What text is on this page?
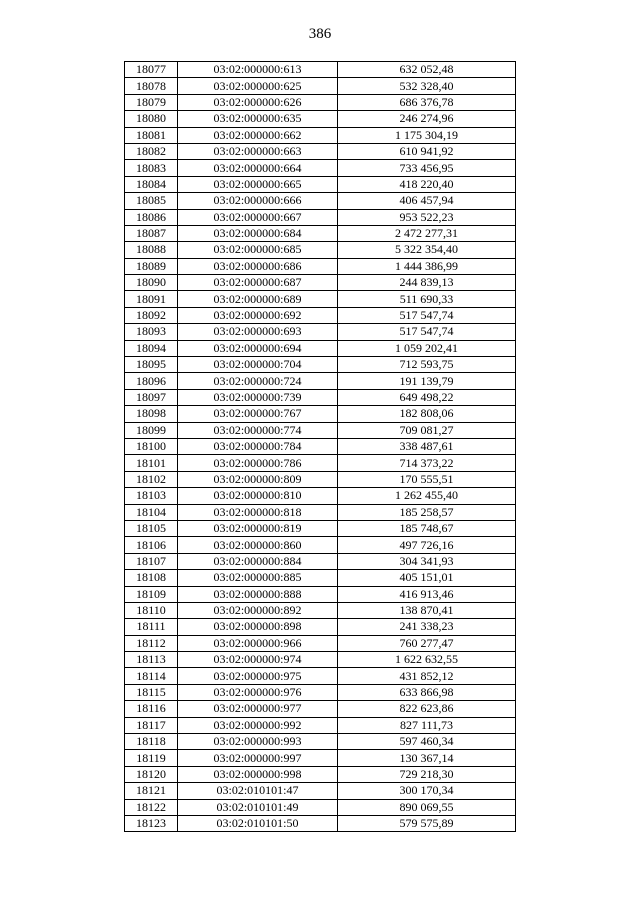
386
18077	03:02:000000:613	632 052,48
18078	03:02:000000:625	532 328,40
18079	03:02:000000:626	686 376,78
18080	03:02:000000:635	246 274,96
18081	03:02:000000:662	1 175 304,19
18082	03:02:000000:663	610 941,92
18083	03:02:000000:664	733 456,95
18084	03:02:000000:665	418 220,40
18085	03:02:000000:666	406 457,94
18086	03:02:000000:667	953 522,23
18087	03:02:000000:684	2 472 277,31
18088	03:02:000000:685	5 322 354,40
18089	03:02:000000:686	1 444 386,99
18090	03:02:000000:687	244 839,13
18091	03:02:000000:689	511 690,33
18092	03:02:000000:692	517 547,74
18093	03:02:000000:693	517 547,74
18094	03:02:000000:694	1 059 202,41
18095	03:02:000000:704	712 593,75
18096	03:02:000000:724	191 139,79
18097	03:02:000000:739	649 498,22
18098	03:02:000000:767	182 808,06
18099	03:02:000000:774	709 081,27
18100	03:02:000000:784	338 487,61
18101	03:02:000000:786	714 373,22
18102	03:02:000000:809	170 555,51
18103	03:02:000000:810	1 262 455,40
18104	03:02:000000:818	185 258,57
18105	03:02:000000:819	185 748,67
18106	03:02:000000:860	497 726,16
18107	03:02:000000:884	304 341,93
18108	03:02:000000:885	405 151,01
18109	03:02:000000:888	416 913,46
18110	03:02:000000:892	138 870,41
18111	03:02:000000:898	241 338,23
18112	03:02:000000:966	760 277,47
18113	03:02:000000:974	1 622 632,55
18114	03:02:000000:975	431 852,12
18115	03:02:000000:976	633 866,98
18116	03:02:000000:977	822 623,86
18117	03:02:000000:992	827 111,73
18118	03:02:000000:993	597 460,34
18119	03:02:000000:997	130 367,14
18120	03:02:000000:998	729 218,30
18121	03:02:010101:47	300 170,34
18122	03:02:010101:49	890 069,55
18123	03:02:010101:50	579 575,89
